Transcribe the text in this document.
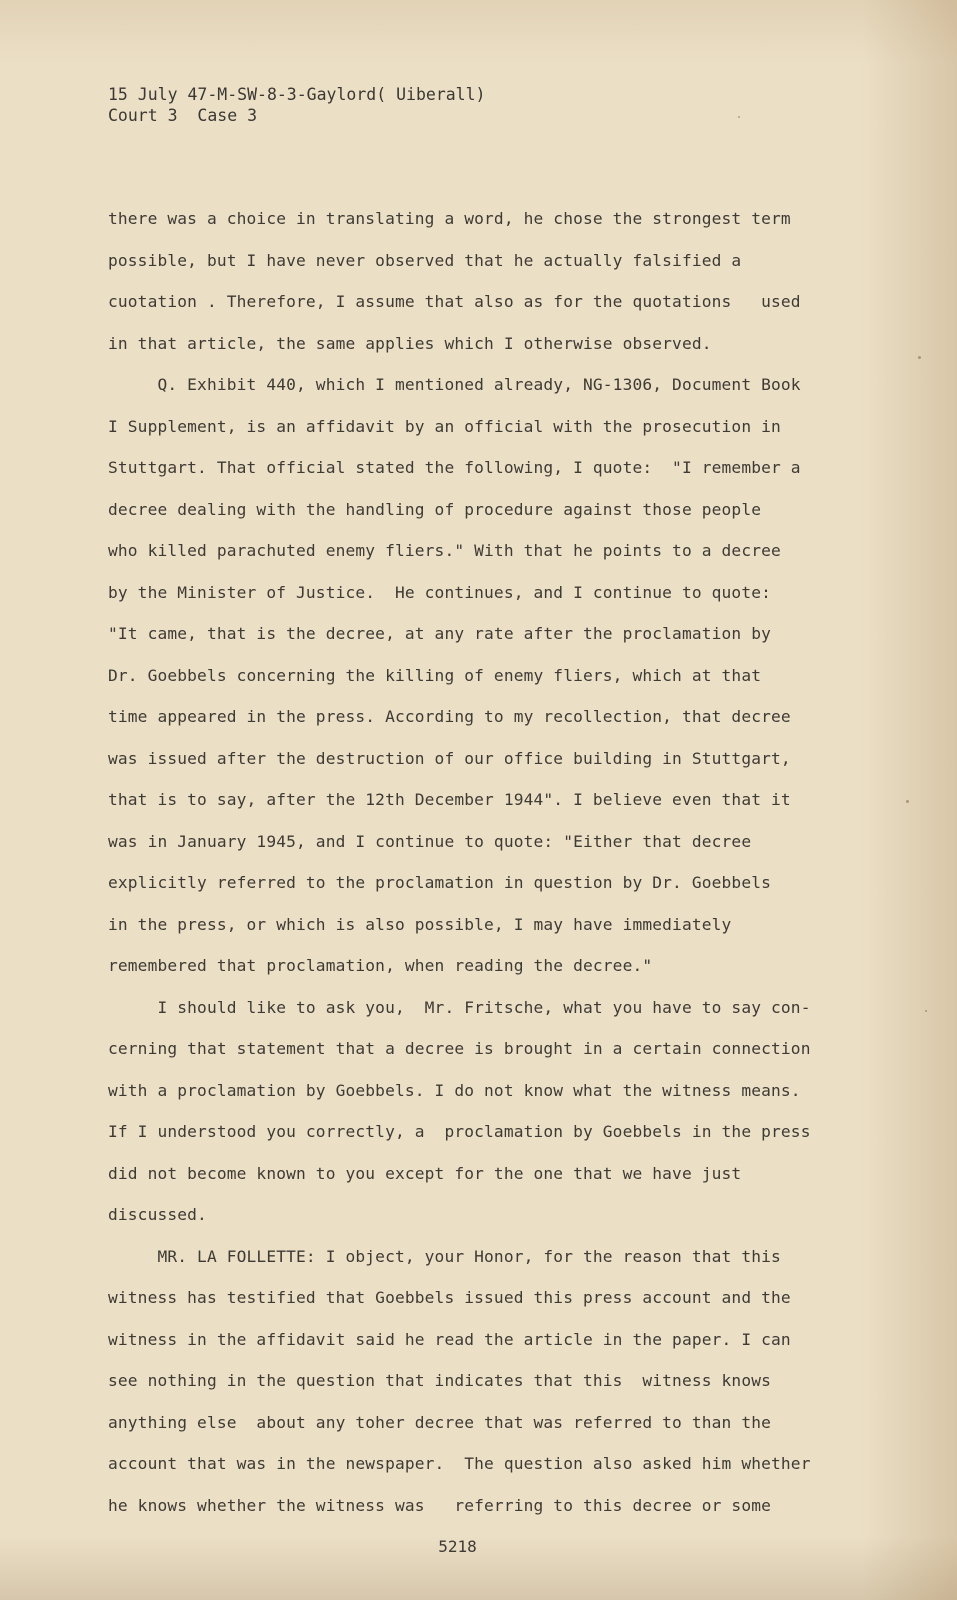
15 July 47-M-SW-8-3-Gaylord( Uiberall)
Court 3  Case 3
there was a choice in translating a word, he chose the strongest term
possible, but I have never observed that he actually falsified a
cuotation . Therefore, I assume that also as for the quotations   used
in that article, the same applies which I otherwise observed.
Q. Exhibit 440, which I mentioned already, NG-1306, Document Book
I Supplement, is an affidavit by an official with the prosecution in
Stuttgart. That official stated the following, I quote:  "I remember a
decree dealing with the handling of procedure against those people
who killed parachuted enemy fliers." With that he points to a decree
by the Minister of Justice.  He continues, and I continue to quote:
"It came, that is the decree, at any rate after the proclamation by
Dr. Goebbels concerning the killing of enemy fliers, which at that
time appeared in the press. According to my recollection, that decree
was issued after the destruction of our office building in Stuttgart,
that is to say, after the 12th December 1944". I believe even that it
was in January 1945, and I continue to quote: "Either that decree
explicitly referred to the proclamation in question by Dr. Goebbels
in the press, or which is also possible, I may have immediately
remembered that proclamation, when reading the decree."
I should like to ask you,  Mr. Fritsche, what you have to say con-
cerning that statement that a decree is brought in a certain connection
with a proclamation by Goebbels. I do not know what the witness means.
If I understood you correctly, a  proclamation by Goebbels in the press
did not become known to you except for the one that we have just
discussed.
MR. LA FOLLETTE: I object, your Honor, for the reason that this
witness has testified that Goebbels issued this press account and the
witness in the affidavit said he read the article in the paper. I can
see nothing in the question that indicates that this  witness knows
anything else  about any toher decree that was referred to than the
account that was in the newspaper.  The question also asked him whether
he knows whether the witness was   referring to this decree or some
5218
